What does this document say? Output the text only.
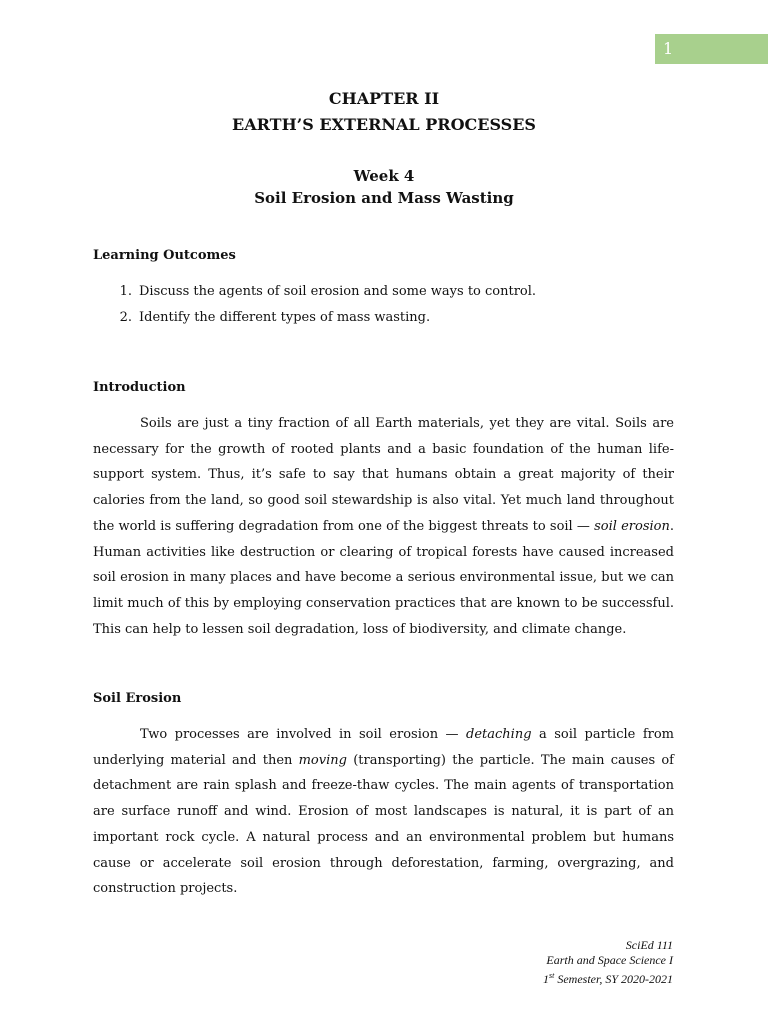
1
CHAPTER II
EARTH’S EXTERNAL PROCESSES
Week 4
Soil Erosion and Mass Wasting
Learning Outcomes
1. Discuss the agents of soil erosion and some ways to control.
2. Identify the different types of mass wasting.
Introduction

Soils are just a tiny fraction of all Earth materials, yet they are vital. Soils are necessary for the growth of rooted plants and a basic foundation of the human life-support system. Thus, it’s safe to say that humans obtain a great majority of their calories from the land, so good soil stewardship is also vital. Yet much land throughout the world is suffering degradation from one of the biggest threats to soil — soil erosion. Human activities like destruction or clearing of tropical forests have caused increased soil erosion in many places and have become a serious environmental issue, but we can limit much of this by employing conservation practices that are known to be successful. This can help to lessen soil degradation, loss of biodiversity, and climate change.

Soil Erosion

Two processes are involved in soil erosion — detaching a soil particle from underlying material and then moving (transporting) the particle. The main causes of detachment are rain splash and freeze-thaw cycles. The main agents of transportation are surface runoff and wind. Erosion of most landscapes is natural, it is part of an important rock cycle. A natural process and an environmental problem but humans cause or accelerate soil erosion through deforestation, farming, overgrazing, and construction projects.

SciEd 111
Earth and Space Science I
1st Semester, SY 2020-2021
